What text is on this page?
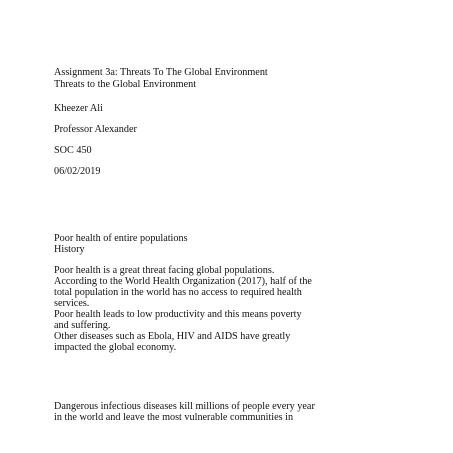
Assignment 3a: Threats To The Global Environment
Threats to the Global Environment
Kheezer Ali
Professor Alexander
SOC 450
06/02/2019
Poor health of entire populations
History
Poor health is a great threat facing global populations.
According to the World Health Organization (2017), half of the
total population in the world has no access to required health
services.
Poor health leads to low productivity and this means poverty
and suffering.
Other diseases such as Ebola, HIV and AIDS have greatly
impacted the global economy.
Dangerous infectious diseases kill millions of people every year
in the world and leave the most vulnerable communities in
